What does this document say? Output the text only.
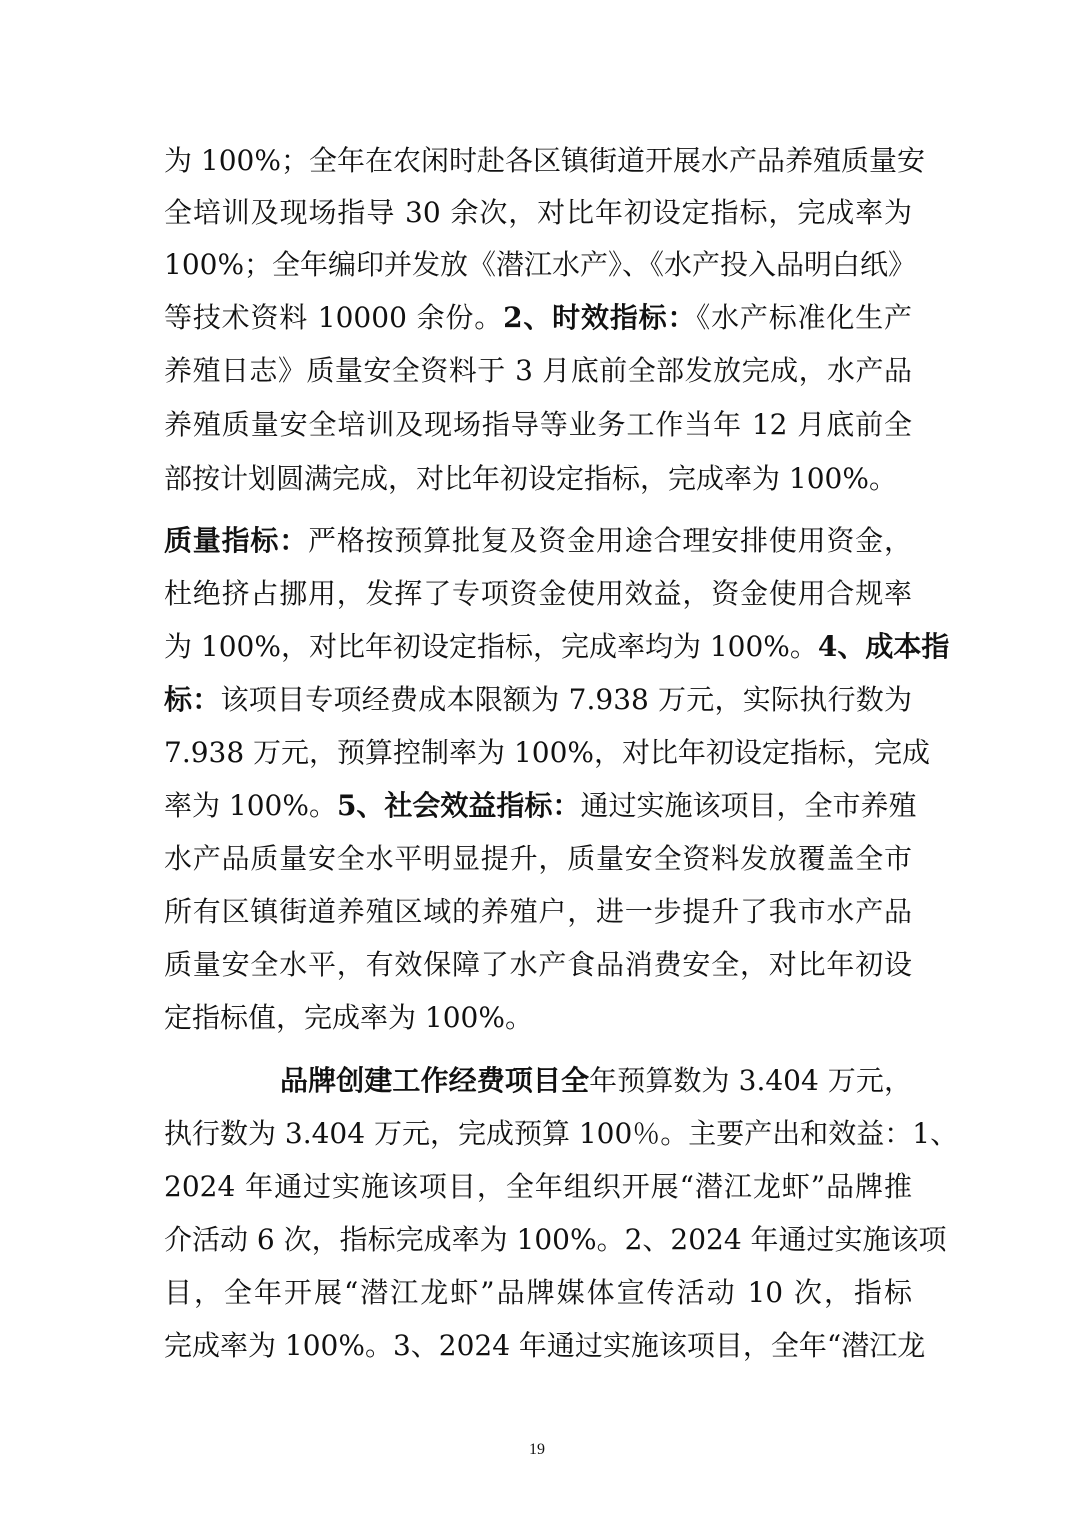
为 100%；全年在农闲时赴各区镇街道开展水产品养殖质量安
全培训及现场指导 30 余次，对比年初设定指标，完成率为
100%；全年编印并发放《潜江水产》、《水产投入品明白纸》
等技术资料 10000 余份。2、时效指标：《水产标准化生产
养殖日志》质量安全资料于 3 月底前全部发放完成，水产品
养殖质量安全培训及现场指导等业务工作当年 12 月底前全
部按计划圆满完成，对比年初设定指标，完成率为 100%。
质量指标：严格按预算批复及资金用途合理安排使用资金，
杜绝挤占挪用，发挥了专项资金使用效益，资金使用合规率
为 100%，对比年初设定指标，完成率均为 100%。4、成本指
标：该项目专项经费成本限额为 7.938 万元，实际执行数为
7.938 万元，预算控制率为 100%，对比年初设定指标，完成
率为 100%。5、社会效益指标：通过实施该项目，全市养殖
水产品质量安全水平明显提升，质量安全资料发放覆盖全市
所有区镇街道养殖区域的养殖户，进一步提升了我市水产品
质量安全水平，有效保障了水产食品消费安全，对比年初设
定指标值，完成率为 100%。
品牌创建工作经费项目全年预算数为 3.404 万元，
执行数为 3.404 万元，完成预算 100％。主要产出和效益：1、
2024 年通过实施该项目，全年组织开展“潜江龙虾”品牌推
介活动 6 次，指标完成率为 100%。2、2024 年通过实施该项
目，全年开展“潜江龙虾”品牌媒体宣传活动 10 次，指标
完成率为 100%。3、2024 年通过实施该项目，全年“潜江龙
19
